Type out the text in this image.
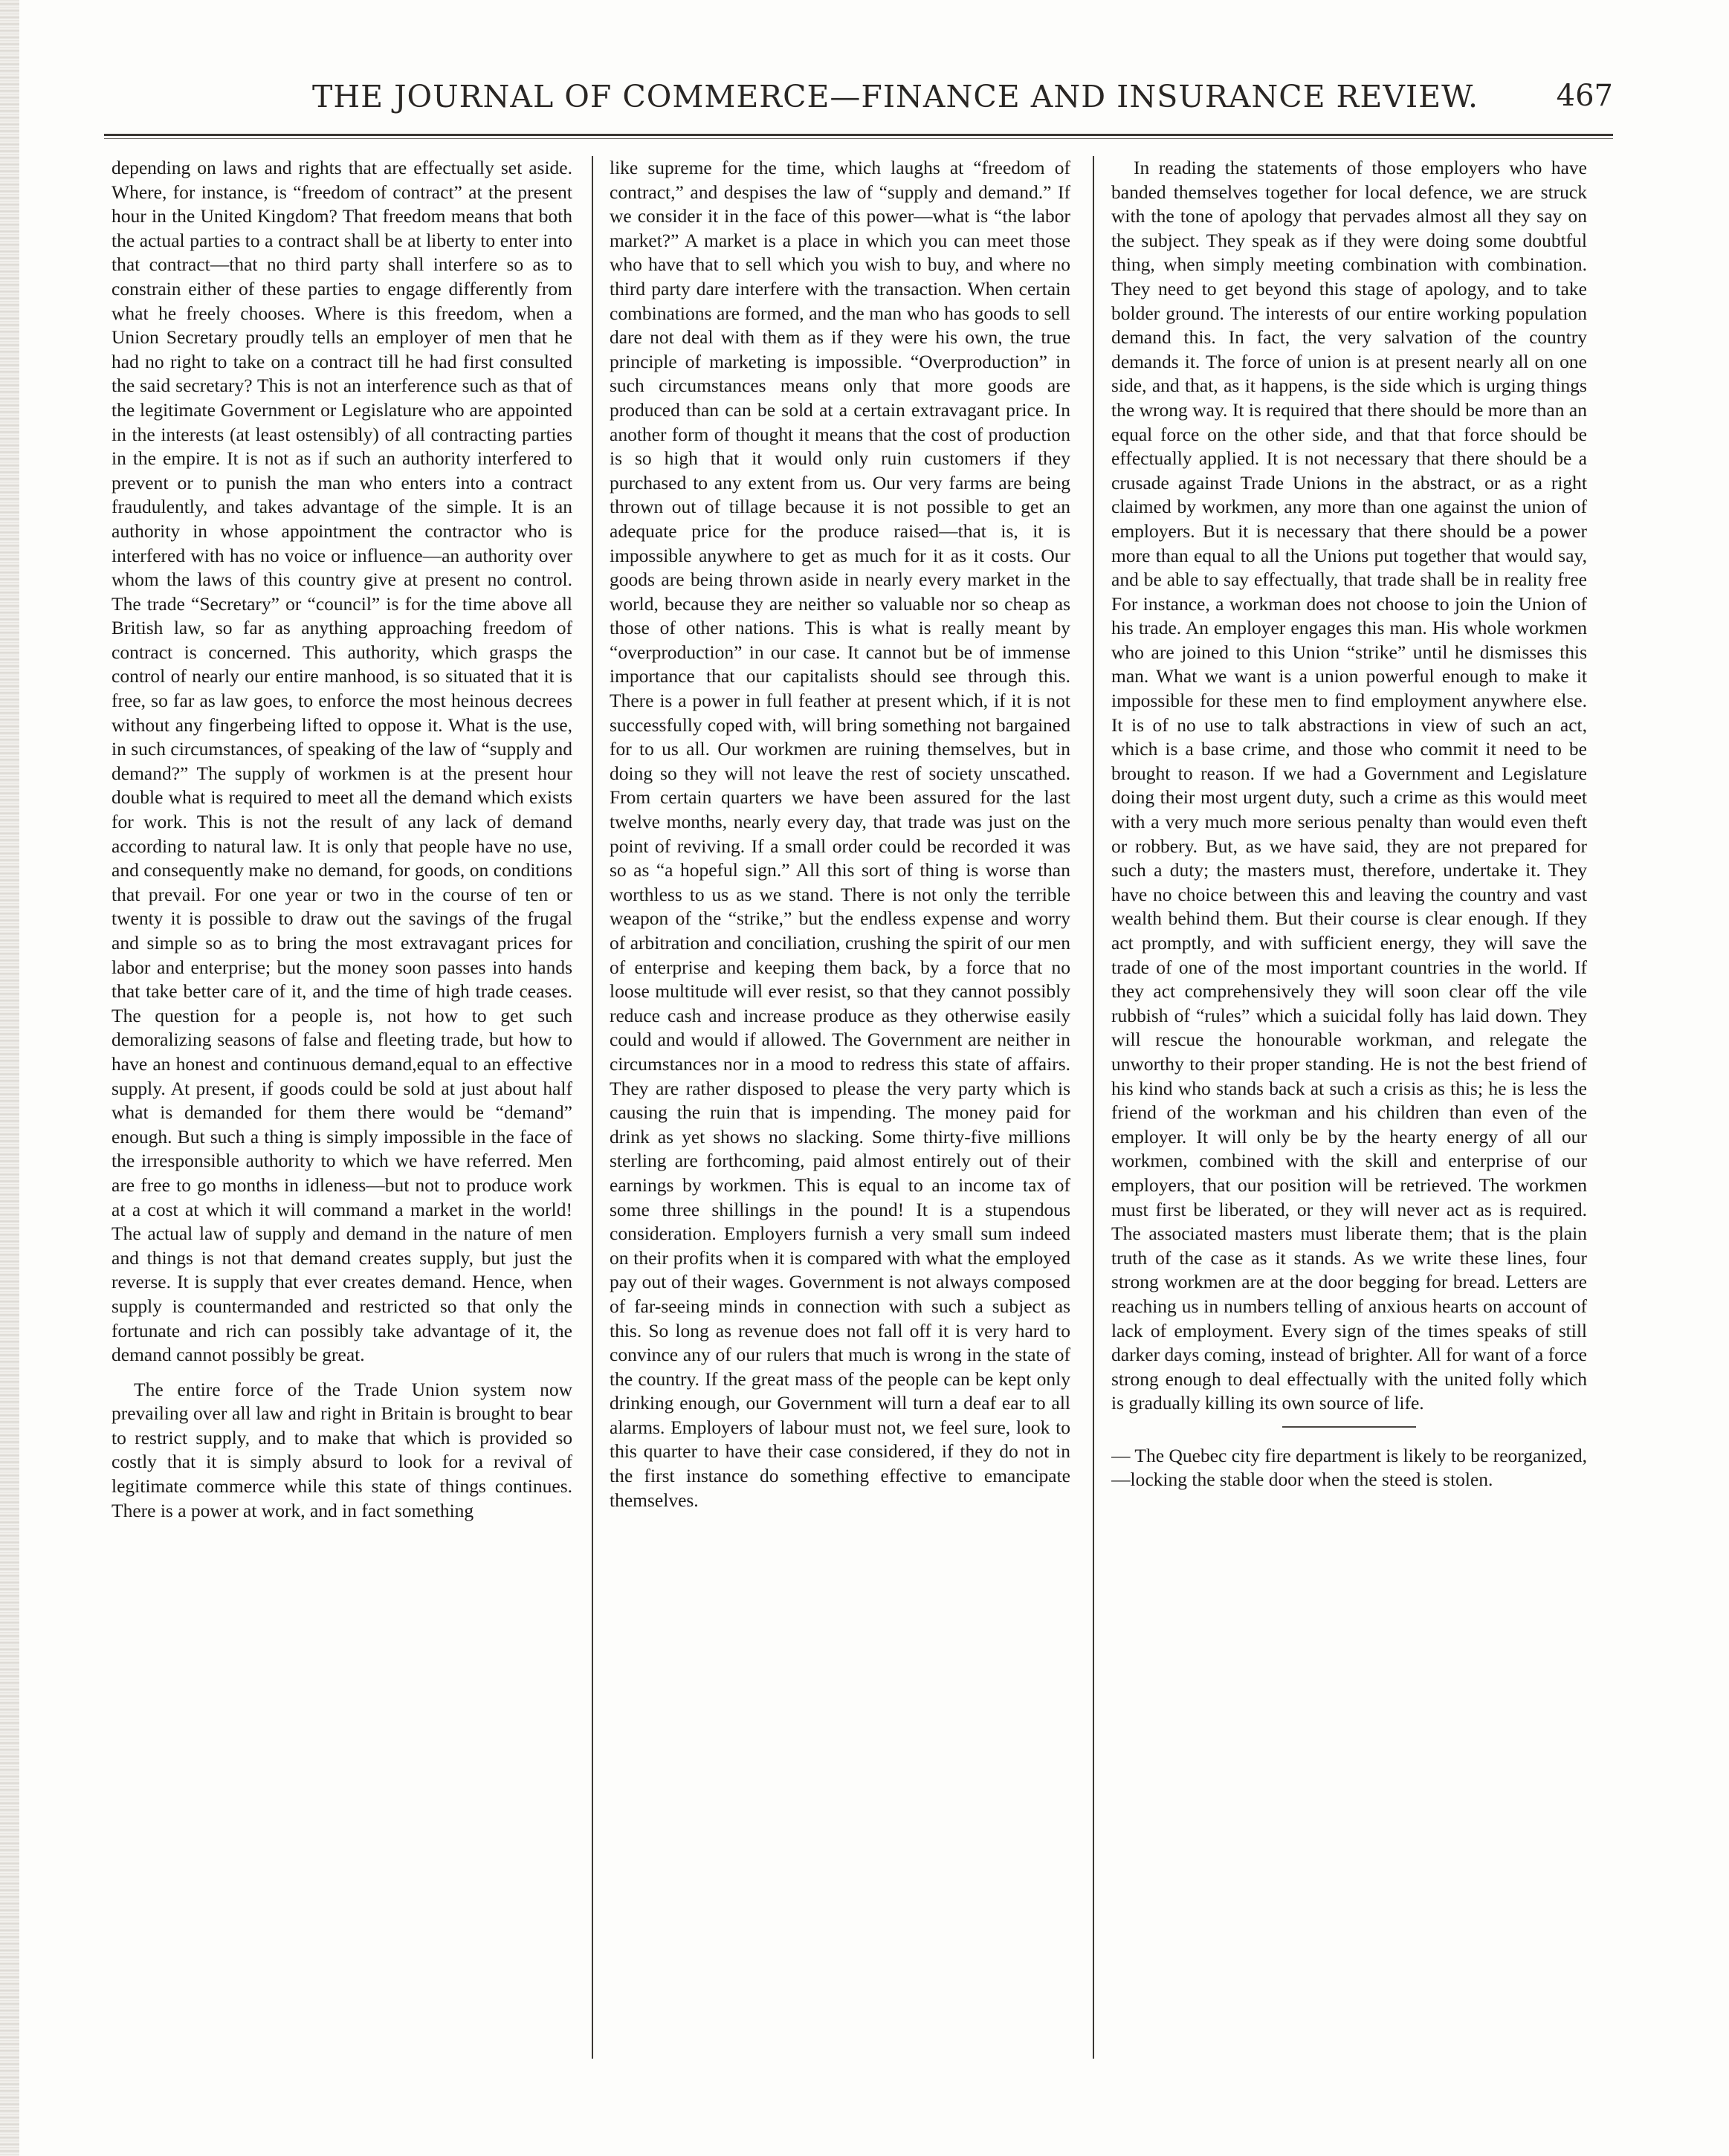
THE JOURNAL OF COMMERCE—FINANCE AND INSURANCE REVIEW.	467

depending on laws and rights that are effectually set aside. Where, for instance, is “freedom of contract” at the present hour in the United Kingdom? That freedom means that both the actual parties to a contract shall be at liberty to enter into that contract—that no third party shall interfere so as to constrain either of these parties to engage differently from what he freely chooses. Where is this freedom, when a Union Secretary proudly tells an employer of men that he had no right to take on a contract till he had first consulted the said secretary? This is not an interference such as that of the legitimate Government or Legislature who are appointed in the interests (at least ostensibly) of all contracting parties in the empire. It is not as if such an authority interfered to prevent or to punish the man who enters into a contract fraudulently, and takes advantage of the simple. It is an authority in whose appointment the contractor who is interfered with has no voice or influence—an authority over whom the laws of this country give at present no control. The trade “Secretary” or “council” is for the time above all British law, so far as anything approaching freedom of contract is concerned. This authority, which grasps the control of nearly our entire manhood, is so situated that it is free, so far as law goes, to enforce the most heinous decrees without any fingerbeing lifted to oppose it. What is the use, in such circumstances, of speaking of the law of “supply and demand?” The supply of workmen is at the present hour double what is required to meet all the demand which exists for work. This is not the result of any lack of demand according to natural law. It is only that people have no use, and consequently make no demand, for goods, on conditions that prevail. For one year or two in the course of ten or twenty it is possible to draw out the savings of the frugal and simple so as to bring the most extravagant prices for labor and enterprise; but the money soon passes into hands that take better care of it, and the time of high trade ceases. The question for a people is, not how to get such demoralizing seasons of false and fleeting trade, but how to have an honest and continuous demand,equal to an effective supply. At present, if goods could be sold at just about half what is demanded for them there would be “demand” enough. But such a thing is simply impossible in the face of the irresponsible authority to which we have referred. Men are free to go months in idleness—but not to produce work at a cost at which it will command a market in the world! The actual law of supply and demand in the nature of men and things is not that demand creates supply, but just the reverse. It is supply that ever creates demand. Hence, when supply is countermanded and restricted so that only the fortunate and rich can possibly take advantage of it, the demand cannot possibly be great.

The entire force of the Trade Union system now prevailing over all law and right in Britain is brought to bear to restrict supply, and to make that which is provided so costly that it is simply absurd to look for a revival of legitimate commerce while this state of things continues. There is a power at work, and in fact something

like supreme for the time, which laughs at “freedom of contract,” and despises the law of “supply and demand.” If we consider it in the face of this power—what is “the labor market?” A market is a place in which you can meet those who have that to sell which you wish to buy, and where no third party dare interfere with the transaction. When certain combinations are formed, and the man who has goods to sell dare not deal with them as if they were his own, the true principle of marketing is impossible. “Overproduction” in such circumstances means only that more goods are produced than can be sold at a certain extravagant price. In another form of thought it means that the cost of production is so high that it would only ruin customers if they purchased to any extent from us. Our very farms are being thrown out of tillage because it is not possible to get an adequate price for the produce raised—that is, it is impossible anywhere to get as much for it as it costs. Our goods are being thrown aside in nearly every market in the world, because they are neither so valuable nor so cheap as those of other nations. This is what is really meant by “overproduction” in our case. It cannot but be of immense importance that our capitalists should see through this. There is a power in full feather at present which, if it is not successfully coped with, will bring something not bargained for to us all. Our workmen are ruining themselves, but in doing so they will not leave the rest of society unscathed. From certain quarters we have been assured for the last twelve months, nearly every day, that trade was just on the point of reviving. If a small order could be recorded it was so as “a hopeful sign.” All this sort of thing is worse than worthless to us as we stand. There is not only the terrible weapon of the “strike,” but the endless expense and worry of arbitration and conciliation, crushing the spirit of our men of enterprise and keeping them back, by a force that no loose multitude will ever resist, so that they cannot possibly reduce cash and increase produce as they otherwise easily could and would if allowed. The Government are neither in circumstances nor in a mood to redress this state of affairs. They are rather disposed to please the very party which is causing the ruin that is impending. The money paid for drink as yet shows no slacking. Some thirty-five millions sterling are forthcoming, paid almost entirely out of their earnings by workmen. This is equal to an income tax of some three shillings in the pound! It is a stupendous consideration. Employers furnish a very small sum indeed on their profits when it is compared with what the employed pay out of their wages. Government is not always composed of far-seeing minds in connection with such a subject as this. So long as revenue does not fall off it is very hard to convince any of our rulers that much is wrong in the state of the country. If the great mass of the people can be kept only drinking enough, our Government will turn a deaf ear to all alarms. Employers of labour must not, we feel sure, look to this quarter to have their case considered, if they do not in the first instance do something effective to emancipate themselves.

In reading the statements of those employers who have banded themselves together for local defence, we are struck with the tone of apology that pervades almost all they say on the subject. They speak as if they were doing some doubtful thing, when simply meeting combination with combination. They need to get beyond this stage of apology, and to take bolder ground. The interests of our entire working population demand this. In fact, the very salvation of the country demands it. The force of union is at present nearly all on one side, and that, as it happens, is the side which is urging things the wrong way. It is required that there should be more than an equal force on the other side, and that that force should be effectually applied. It is not necessary that there should be a crusade against Trade Unions in the abstract, or as a right claimed by workmen, any more than one against the union of employers. But it is necessary that there should be a power more than equal to all the Unions put together that would say, and be able to say effectually, that trade shall be in reality free For instance, a workman does not choose to join the Union of his trade. An employer engages this man. His whole workmen who are joined to this Union “strike” until he dismisses this man. What we want is a union powerful enough to make it impossible for these men to find employment anywhere else. It is of no use to talk abstractions in view of such an act, which is a base crime, and those who commit it need to be brought to reason. If we had a Government and Legislature doing their most urgent duty, such a crime as this would meet with a very much more serious penalty than would even theft or robbery. But, as we have said, they are not prepared for such a duty; the masters must, therefore, undertake it. They have no choice between this and leaving the country and vast wealth behind them. But their course is clear enough. If they act promptly, and with sufficient energy, they will save the trade of one of the most important countries in the world. If they act comprehensively they will soon clear off the vile rubbish of “rules” which a suicidal folly has laid down. They will rescue the honourable workman, and relegate the unworthy to their proper standing. He is not the best friend of his kind who stands back at such a crisis as this; he is less the friend of the workman and his children than even of the employer. It will only be by the hearty energy of all our workmen, combined with the skill and enterprise of our employers, that our position will be retrieved. The workmen must first be liberated, or they will never act as is required. The associated masters must liberate them; that is the plain truth of the case as it stands. As we write these lines, four strong workmen are at the door begging for bread. Letters are reaching us in numbers telling of anxious hearts on account of lack of employment. Every sign of the times speaks of still darker days coming, instead of brighter. All for want of a force strong enough to deal effectually with the united folly which is gradually killing its own source of life.

— The Quebec city fire department is likely to be reorganized,—locking the stable door when the steed is stolen.
